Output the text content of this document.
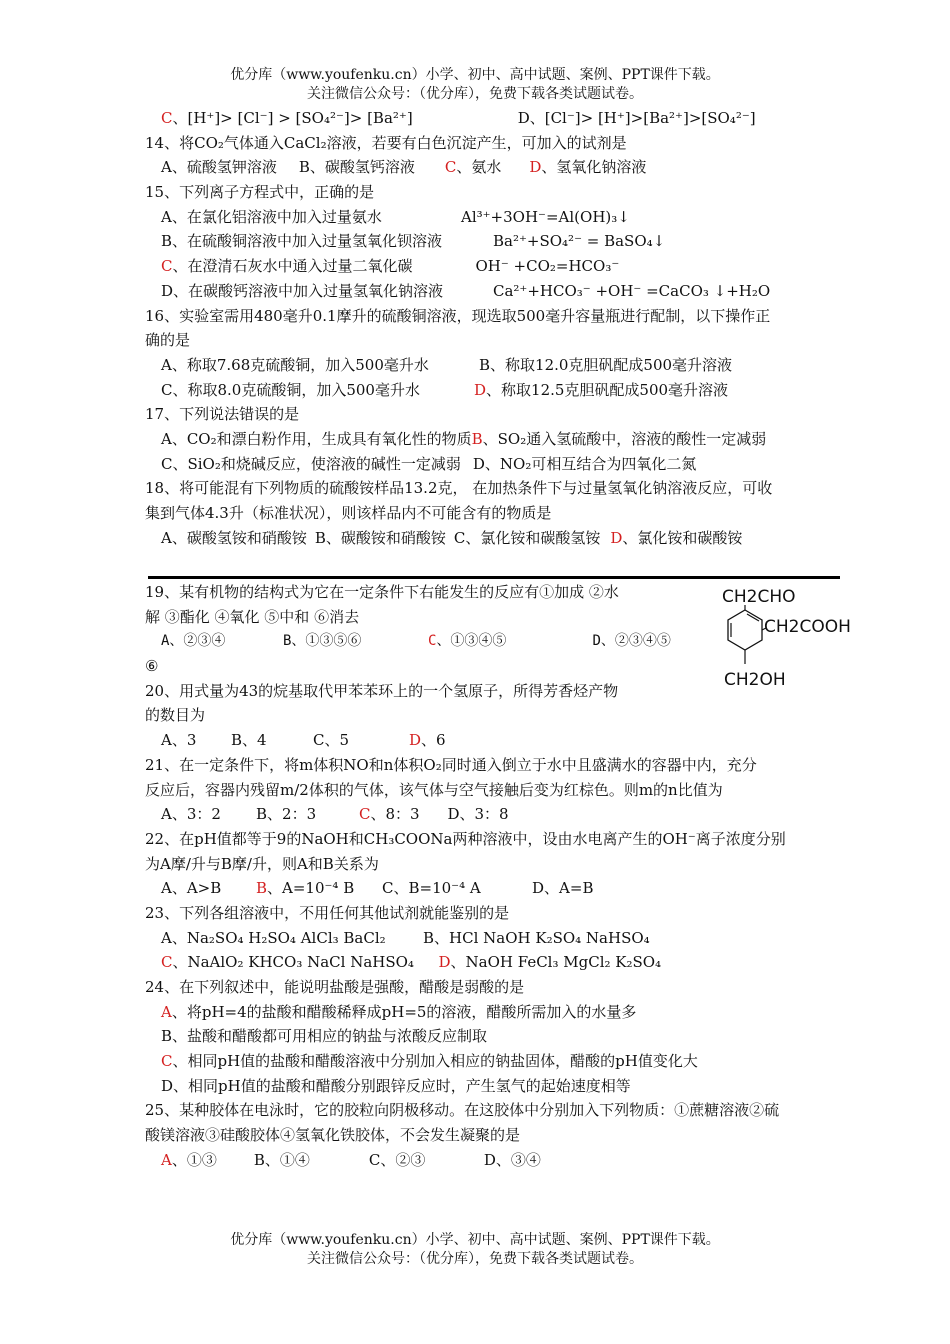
优分库（www.youfenku.cn）小学、初中、高中试题、案例、PPT课件下载。
关注微信公众号：（优分库），免费下载各类试题试卷。
C、[H⁺]> [Cl⁻] > [SO₄²⁻]> [Ba²⁺]	D、[Cl⁻]> [H⁺]>[Ba²⁺]>[SO₄²⁻]
14、将CO₂气体通入CaCl₂溶液，若要有白色沉淀产生，可加入的试剂是
A、硫酸氢钾溶液 B、碳酸氢钙溶液 C、氨水 D、氢氧化钠溶液
15、下列离子方程式中，正确的是
A、在氯化铝溶液中加入过量氨水	Al³⁺+3OH⁻=Al(OH)₃↓
B、在硫酸铜溶液中加入过量氢氧化钡溶液	Ba²⁺+SO₄²⁻ = BaSO₄↓
C、在澄清石灰水中通入过量二氧化碳	OH⁻ +CO₂=HCO₃⁻
D、在碳酸钙溶液中加入过量氢氧化钠溶液	Ca²⁺+HCO₃⁻ +OH⁻ =CaCO₃ ↓+H₂O
16、实验室需用480毫升0.1摩升的硫酸铜溶液，现选取500毫升容量瓶进行配制，以下操作正
确的是
A、称取7.68克硫酸铜，加入500毫升水	B、称取12.0克胆矾配成500毫升溶液
C、称取8.0克硫酸铜，加入500毫升水	D、称取12.5克胆矾配成500毫升溶液
17、下列说法错误的是
A、CO₂和漂白粉作用，生成具有氧化性的物质B、SO₂通入氢硫酸中，溶液的酸性一定减弱
C、SiO₂和烧碱反应，使溶液的碱性一定减弱 D、NO₂可相互结合为四氧化二氮
18、将可能混有下列物质的硫酸铵样品13.2克， 在加热条件下与过量氢氧化钠溶液反应，可收
集到气体4.3升（标准状况），则该样品内不可能含有的物质是
A、碳酸氢铵和硝酸铵 B、碳酸铵和硝酸铵 C、氯化铵和碳酸氢铵 D、氯化铵和碳酸铵
19、某有机物的结构式为它在一定条件下右能发生的反应有①加成 ②水
解 ③酯化 ④氧化 ⑤中和 ⑥消去
A、②③④	B、①③⑤⑥	C、①③④⑤	D、②③④⑤
⑥
20、用式量为43的烷基取代甲苯苯环上的一个氢原子，所得芳香烃产物
的数目为
A、3 B、4	C、5	D、6
21、在一定条件下，将m体积NO和n体积O₂同时通入倒立于水中且盛满水的容器中内，充分
反应后，容器内残留m/2体积的气体，该气体与空气接触后变为红棕色。则m的n比值为
A、3：2 B、2：3	C、8：3 D、3：8
22、在pH值都等于9的NaOH和CH₃COONa两种溶液中，设由水电离产生的OH⁻离子浓度分别
为A摩/升与B摩/升，则A和B关系为
A、A>B B、A=10⁻⁴ B C、B=10⁻⁴ A	D、A=B
23、下列各组溶液中，不用任何其他试剂就能鉴别的是
A、Na₂SO₄ H₂SO₄ AlCl₃ BaCl₂ B、HCl NaOH K₂SO₄ NaHSO₄
C、NaAlO₂ KHCO₃ NaCl NaHSO₄ D、NaOH FeCl₃ MgCl₂ K₂SO₄
24、在下列叙述中，能说明盐酸是强酸，醋酸是弱酸的是
A、将pH=4的盐酸和醋酸稀释成pH=5的溶液，醋酸所需加入的水量多
B、盐酸和醋酸都可用相应的钠盐与浓酸反应制取
C、相同pH值的盐酸和醋酸溶液中分别加入相应的钠盐固体，醋酸的pH值变化大
D、相同pH值的盐酸和醋酸分别跟锌反应时，产生氢气的起始速度相等
25、某种胶体在电泳时，它的胶粒向阴极移动。在这胶体中分别加入下列物质：①蔗糖溶液②硫
酸镁溶液③硅酸胶体④氢氧化铁胶体，不会发生凝聚的是
A、①③ B、①④	C、②③	D、③④
CH2CHO
CH2COOH
CH2OH
优分库（www.youfenku.cn）小学、初中、高中试题、案例、PPT课件下载。
关注微信公众号：（优分库），免费下载各类试题试卷。
